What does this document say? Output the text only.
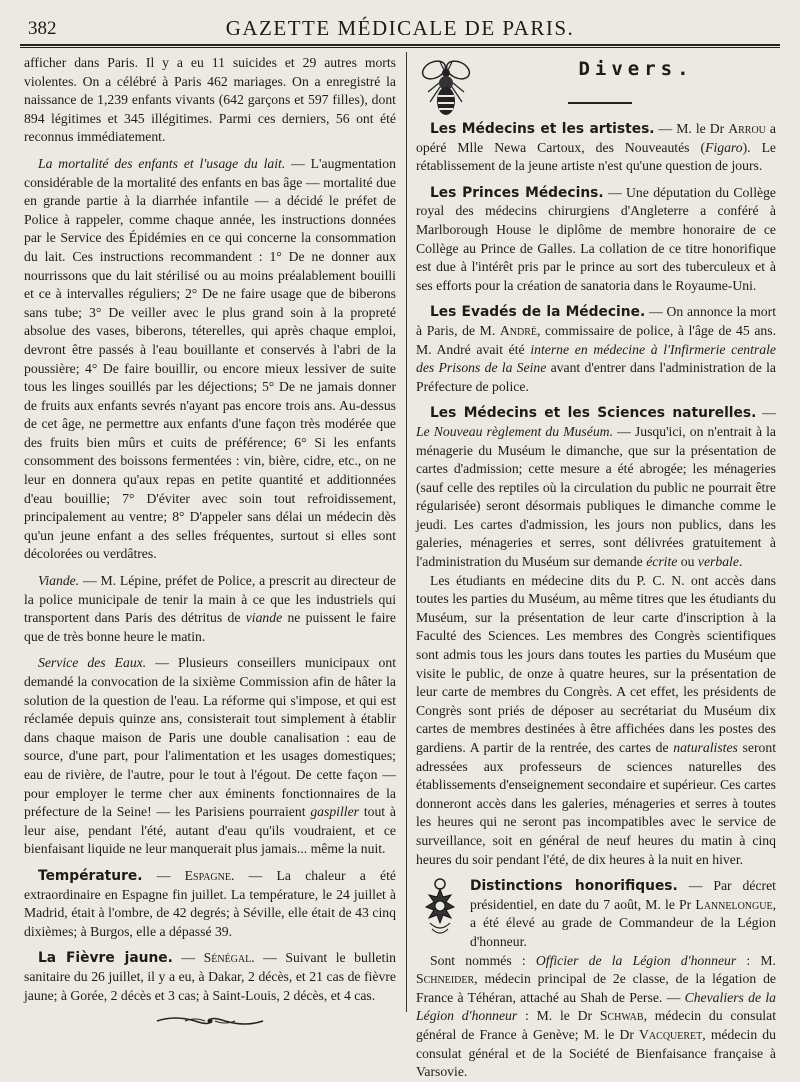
382	GAZETTE MÉDICALE DE PARIS.

afficher dans Paris. Il y a eu 11 suicides et 29 autres morts violentes. On a célébré à Paris 462 mariages. On a enregistré la naissance de 1,239 enfants vivants (642 garçons et 597 filles), dont 894 légitimes et 345 illégitimes. Parmi ces derniers, 56 ont été reconnus immédiatement.

La mortalité des enfants et l'usage du lait. — L'augmentation considérable de la mortalité des enfants en bas âge — mortalité due en grande partie à la diarrhée infantile — a décidé le préfet de Police à rappeler, comme chaque année, les instructions données par le Service des Épidémies en ce qui concerne la consommation du lait. Ces instructions recommandent : 1° De ne donner aux nourrissons que du lait stérilisé ou au moins préalablement bouilli et ce à intervalles réguliers; 2° De ne faire usage que de biberons sans tube; 3° De veiller avec le plus grand soin à la propreté absolue des vases, biberons, téterelles, qui après chaque emploi, devront être passés à l'eau bouillante et conservés à l'abri de la poussière; 4° De faire bouillir, ou encore mieux lessiver de suite tous les linges souillés par les déjections; 5° De ne jamais donner de fruits aux enfants sevrés n'ayant pas encore trois ans. Au-dessus de cet âge, ne permettre aux enfants d'une façon très modérée que des fruits bien mûrs et cuits de préférence; 6° Si les enfants consomment des boissons fermentées : vin, bière, cidre, etc., on ne leur en donnera qu'aux repas en petite quantité et additionnées d'eau bouillie; 7° D'éviter avec soin tout refroidissement, principalement au ventre; 8° D'appeler sans délai un médecin dès qu'un jeune enfant a des selles fréquentes, surtout si elles sont décolorées ou verdâtres.

Viande. — M. Lépine, préfet de Police, a prescrit au directeur de la police municipale de tenir la main à ce que les industriels qui transportent dans Paris des détritus de viande ne puissent le faire que de très bonne heure le matin.

Service des Eaux. — Plusieurs conseillers municipaux ont demandé la convocation de la sixième Commission afin de hâter la solution de la question de l'eau. La réforme qui s'impose, et qui est réclamée depuis quinze ans, consisterait tout simplement à établir dans chaque maison de Paris une double canalisation : eau de source, d'une part, pour l'alimentation et les usages domestiques; eau de rivière, de l'autre, pour le tout à l'égout. De cette façon — pour employer le terme cher aux éminents fonctionnaires de la préfecture de la Seine! — les Parisiens pourraient gaspiller tout à leur aise, pendant l'été, autant d'eau qu'ils voudraient, et ce bienfaisant liquide ne leur manquerait plus jamais... même la nuit.

Température. — Espagne. — La chaleur a été extraordinaire en Espagne fin juillet. La température, le 24 juillet à Madrid, était à l'ombre, de 42 degrés; à Séville, elle était de 43 cinq dixièmes; à Burgos, elle a dépassé 39.

La Fièvre jaune. — Sénégal. — Suivant le bulletin sanitaire du 26 juillet, il y a eu, à Dakar, 2 décès, et 21 cas de fièvre jaune; à Gorée, 2 décès et 3 cas; à Saint-Louis, 2 décès, et 4 cas.

Divers.

Les Médecins et les artistes. — M. le Dr Arrou a opéré Mlle Newa Cartoux, des Nouveautés (Figaro). Le rétablissement de la jeune artiste n'est qu'une question de jours.

Les Princes Médecins. — Une députation du Collège royal des médecins chirurgiens d'Angleterre a conféré à Marlborough House le diplôme de membre honoraire de ce Collège au Prince de Galles. La collation de ce titre honorifique est due à l'intérêt pris par le prince au sort des tuberculeux et à ses efforts pour la création de sanatoria dans le Royaume-Uni.

Les Evadés de la Médecine. — On annonce la mort à Paris, de M. André, commissaire de police, à l'âge de 45 ans. M. André avait été interne en médecine à l'Infirmerie centrale des Prisons de la Seine avant d'entrer dans l'administration de la Préfecture de police.

Les Médecins et les Sciences naturelles. — Le Nouveau règlement du Muséum. — Jusqu'ici, on n'entrait à la ménagerie du Muséum le dimanche, que sur la présentation de cartes d'admission; cette mesure a été abrogée; les ménageries (sauf celle des reptiles où la circulation du public ne pourrait être régularisée) seront désormais publiques le dimanche comme le jeudi. Les cartes d'admission, les jours non publics, dans les galeries, ménageries et serres, sont délivrées gratuitement à l'administration du Muséum sur demande écrite ou verbale.

Les étudiants en médecine dits du P. C. N. ont accès dans toutes les parties du Muséum, au même titres que les étudiants du Muséum, sur la présentation de leur carte d'inscription à la Faculté des Sciences. Les membres des Congrès scientifiques sont admis tous les jours dans toutes les parties du Muséum que visite le public, de onze à quatre heures, sur la présentation de leur carte de membres du Congrès. A cet effet, les présidents de Congrès sont priés de déposer au secrétariat du Muséum dix cartes de membres destinées à être affichées dans les postes des gardiens. A partir de la rentrée, des cartes de naturalistes seront adressées aux professeurs de sciences naturelles des établissements d'enseignement secondaire et supérieur. Ces cartes donneront accès dans les galeries, ménageries et serres à toutes les heures qui ne seront pas incompatibles avec le service de surveillance, soit en général de neuf heures du matin à cinq heures du soir pendant l'été, de dix heures à la nuit en hiver.

Distinctions honorifiques. — Par décret présidentiel, en date du 7 août, M. le Pr Lannelongue, a été élevé au grade de Commandeur de la Légion d'honneur.

Sont nommés : Officier de la Légion d'honneur : M. Schneider, médecin principal de 2e classe, de la légation de France à Téhéran, attaché au Shah de Perse. — Chevaliers de la Légion d'honneur : M. le Dr Schwab, médecin du consulat général de France à Genève; M. le Dr Vacqueret, médecin du consulat général et de la Société de Bienfaisance française à Varsovie.
